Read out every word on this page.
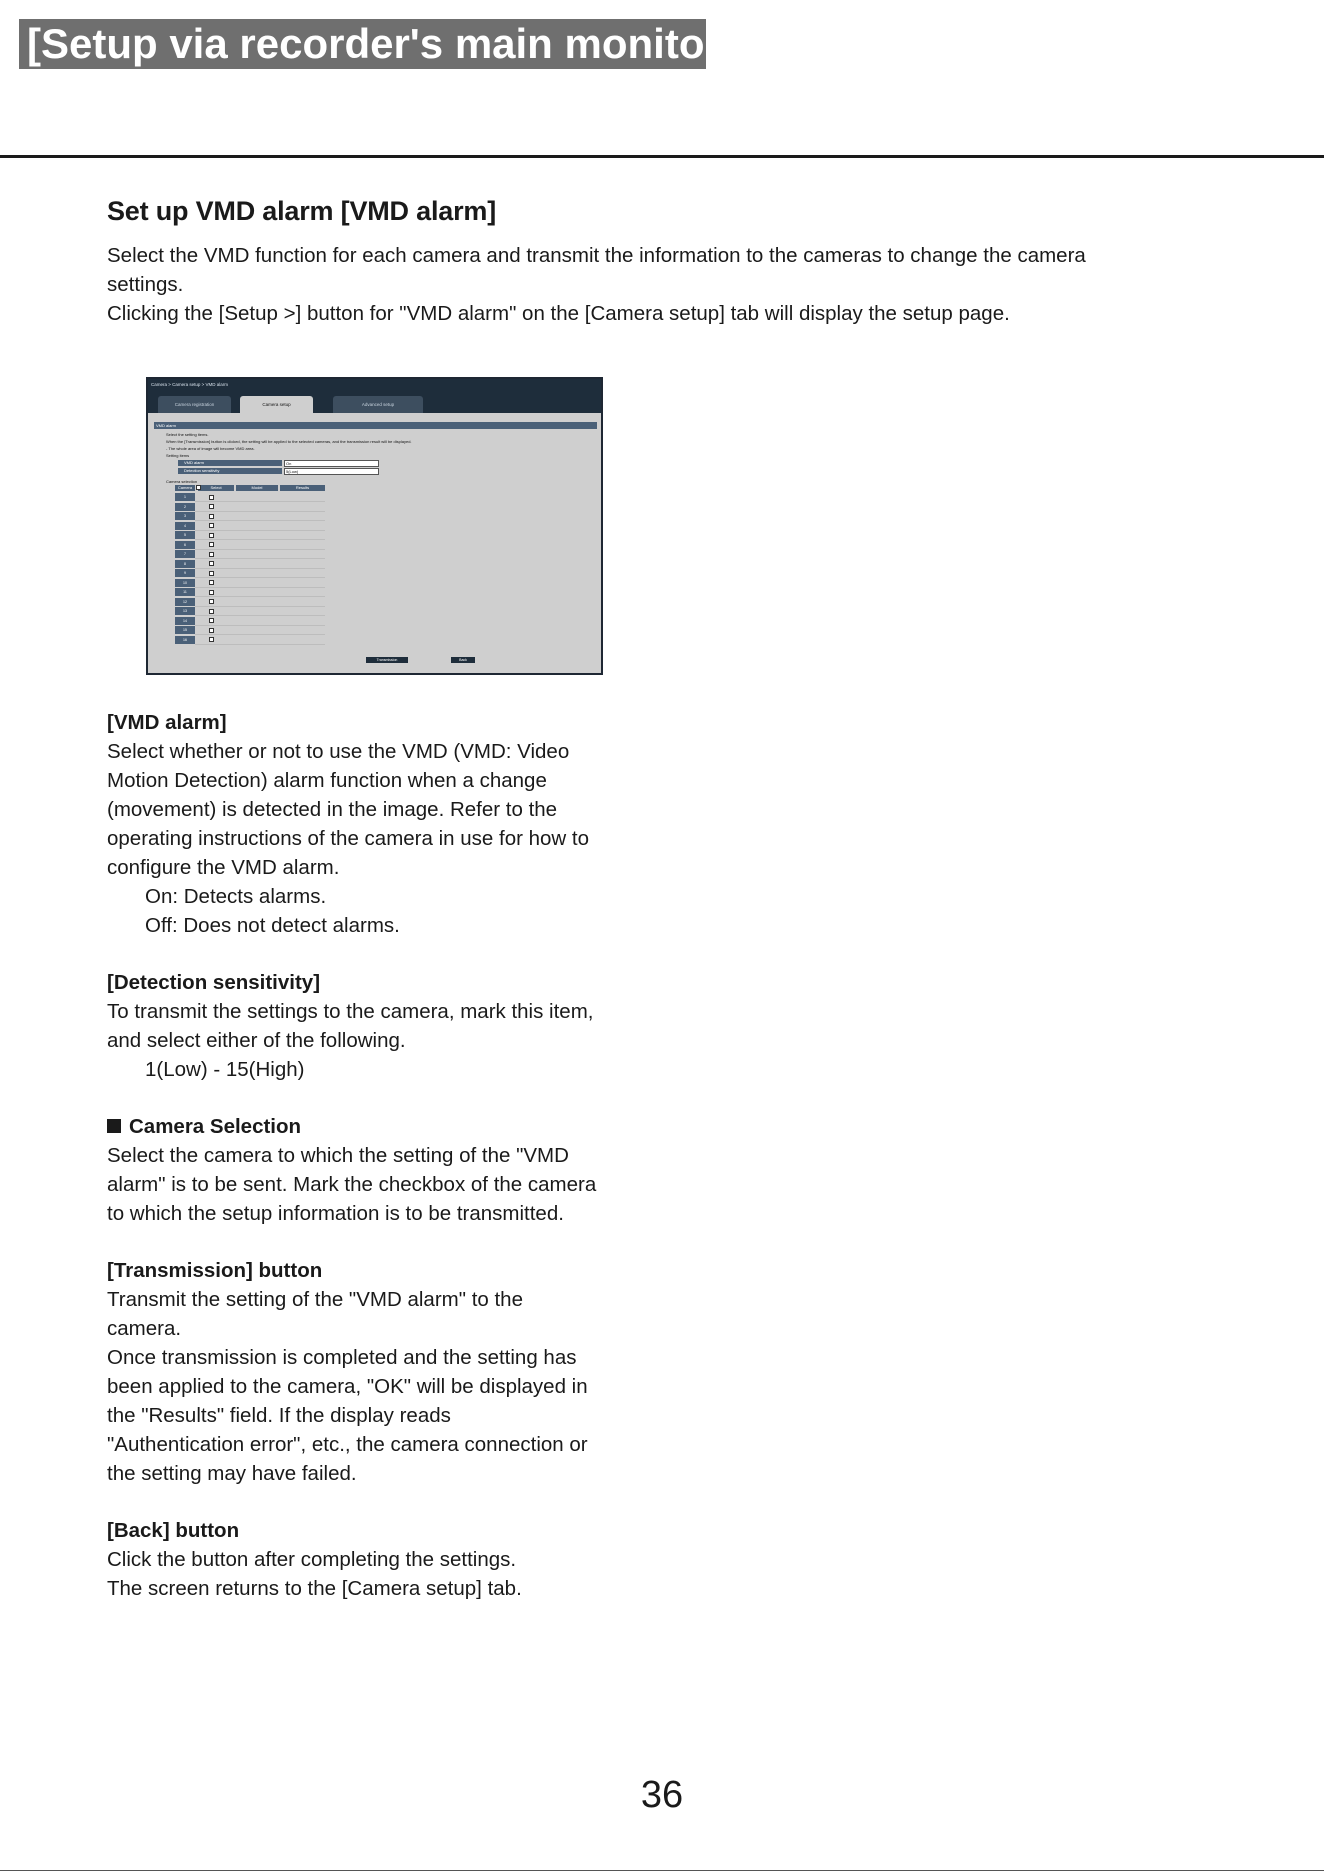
[Setup via recorder's main monitor]
Set up VMD alarm [VMD alarm]

Select the VMD function for each camera and transmit the information to the cameras to change the camera

settings.

Clicking the [Setup >] button for "VMD alarm" on the [Camera setup] tab will display the setup page.

Camera > Camera setup > VMD alarm
Camera registration	Camera setup	Advanced setup
VMD alarm
Select the setting items.
When the [Transmission] button is clicked, the setting will be applied to the selected cameras, and the transmission result will be displayed.
- The whole area of image will become VMD area.
Setting items
VMD alarm	On
Detection sensitivity	5(Low)
Camera selection
Camera	Select	Model	Results
1
2
3
4
5
6
7
8
9
10
11
12
13
14
15
16
Transmission	Back

[VMD alarm]

Select whether or not to use the VMD (VMD: Video

Motion Detection) alarm function when a change

(movement) is detected in the image. Refer to the

operating instructions of the camera in use for how to

configure the VMD alarm.

On: Detects alarms.

Off: Does not detect alarms.

[Detection sensitivity]

To transmit the settings to the camera, mark this item,

and select either of the following.

1(Low) - 15(High)

Camera Selection

Select the camera to which the setting of the "VMD

alarm" is to be sent. Mark the checkbox of the camera

to which the setup information is to be transmitted.

[Transmission] button

Transmit the setting of the "VMD alarm" to the

camera.

Once transmission is completed and the setting has

been applied to the camera, "OK" will be displayed in

the "Results" field. If the display reads

"Authentication error", etc., the camera connection or

the setting may have failed.

[Back] button

Click the button after completing the settings.

The screen returns to the [Camera setup] tab.

36
